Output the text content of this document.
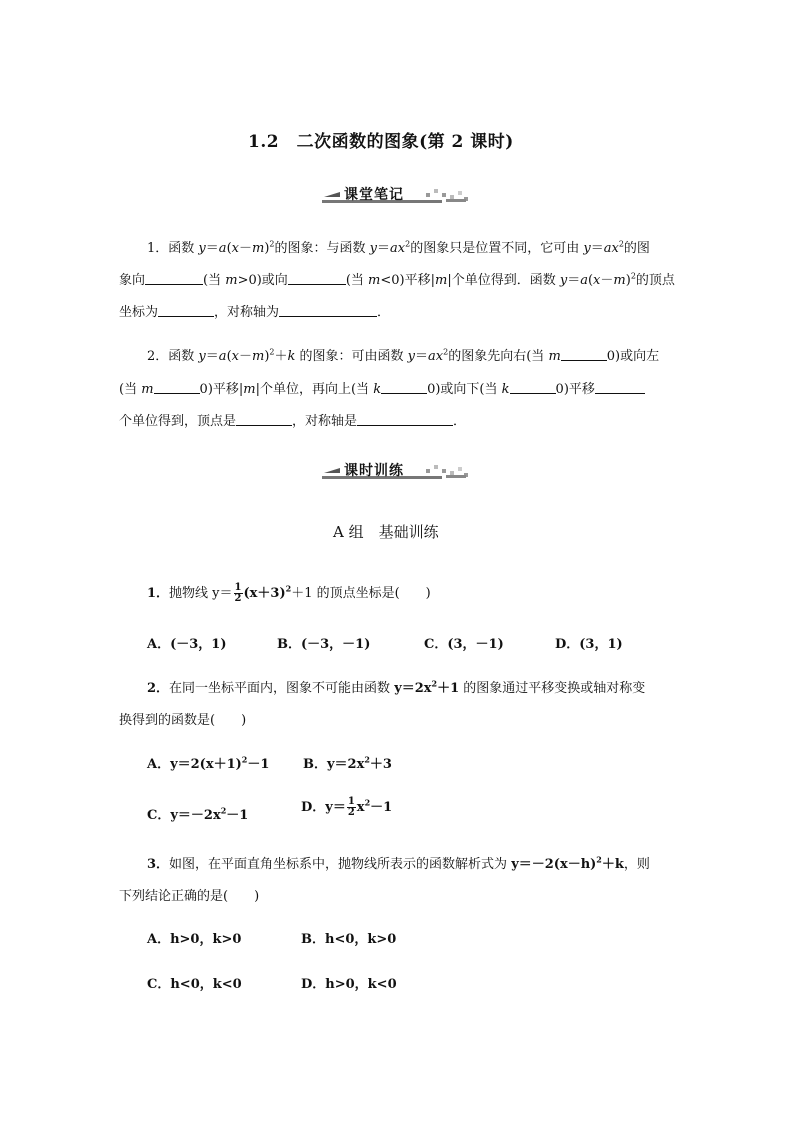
1.2　二次函数的图象(第 2 课时)
课堂笔记
1．函数 $y=a(x-m)^2$的图象：与函数 $y=ax^2$的图象只是位置不同，它可由 $y=ax^2$的图
象向	(当 m>0)或向	(当 m<0)平移|m|个单位得到．函数 $y=a(x-m)^2$的顶点
坐标为	，对称轴为	．
2．函数 $y=a(x-m)^2+k$ 的图象：可由函数 $y=ax^2$的图象先向右(当 m	0)或向左
(当 m	0)平移|m|个单位，再向上(当 k	0)或向下(当 k	0)平移
个单位得到，顶点是	，对称轴是	．
课时训练
A 组　基础训练
1．抛物线 $y= \frac{1}{2} (x+3)^2+1$ 的顶点坐标是(　　)
A．(－3，1)	B．(－3，－1)	C．(3，－1)	D．(3，1)
2．在同一坐标平面内，图象不可能由函数 $y=2x^2+1$ 的图象通过平移变换或轴对称变
换得到的函数是(　　)
A．$y=2(x+1)^2-1$	B．$y=2x^2+3$
C．$y=-2x^2-1$
D．$y= \frac{1}{2} x^2-1$
3．如图，在平面直角坐标系中，抛物线所表示的函数解析式为 $y=-2(x-h)^2+k$，则
下列结论正确的是(　　)
A．h>0，k>0	B．h<0，k>0
C．h<0，k<0	D．h>0，k<0
